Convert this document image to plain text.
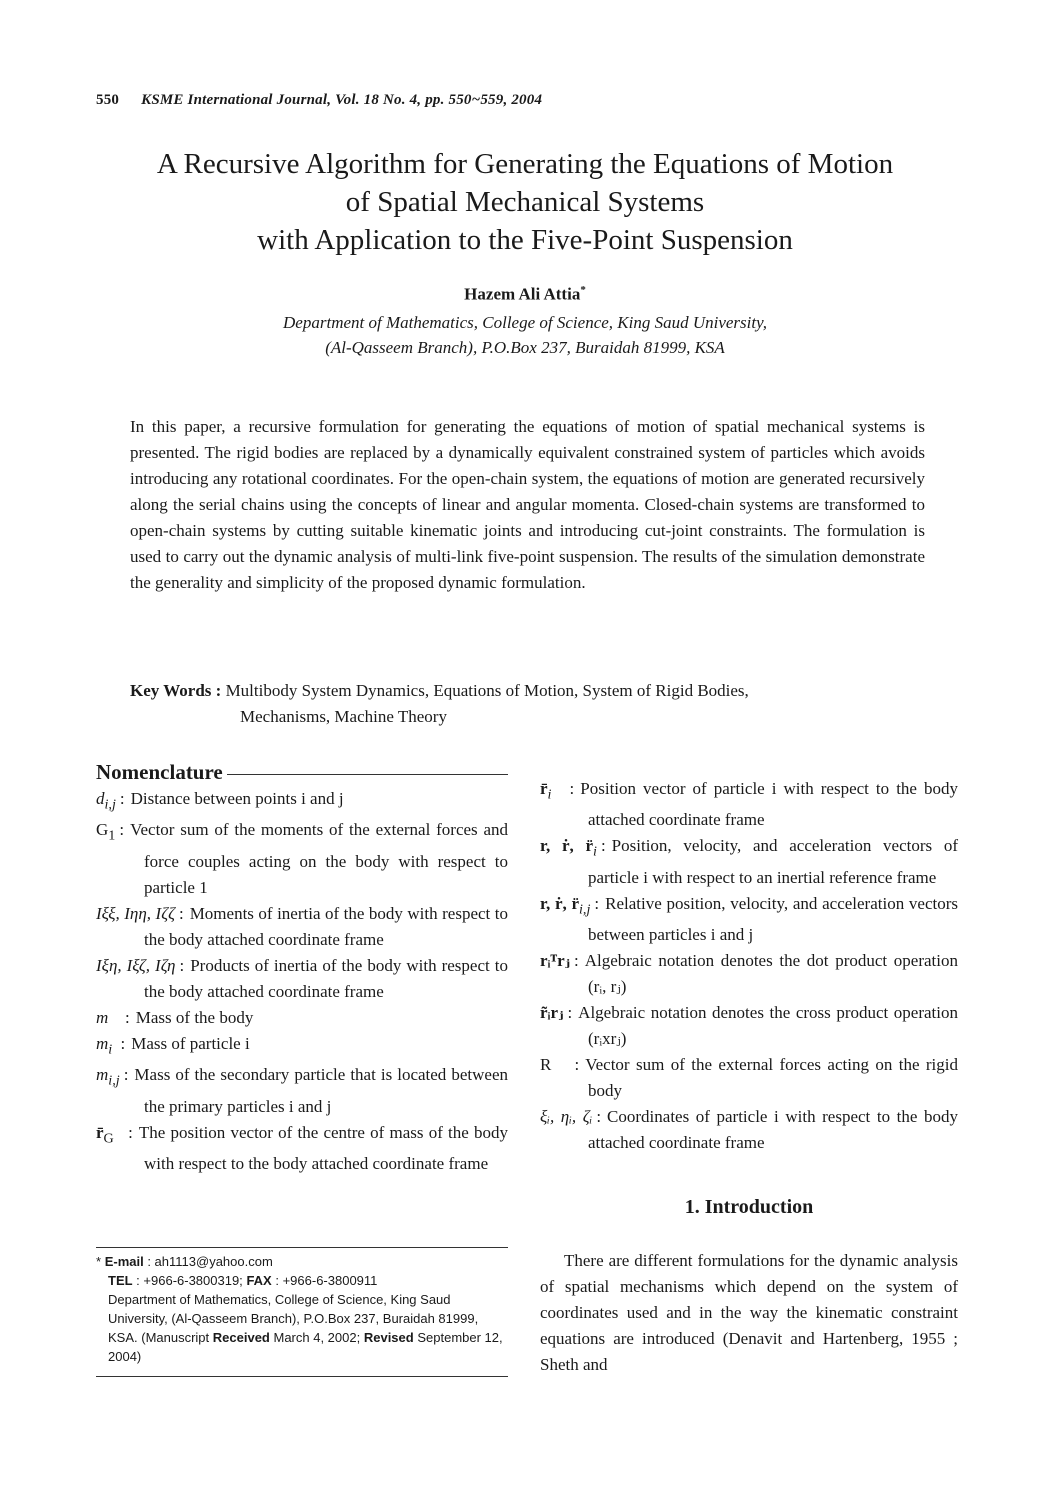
550 KSME International Journal, Vol. 18 No. 4, pp. 550~559, 2004
A Recursive Algorithm for Generating the Equations of Motion
of Spatial Mechanical Systems
with Application to the Five-Point Suspension
Hazem Ali Attia*
Department of Mathematics, College of Science, King Saud University,
(Al-Qasseem Branch), P.O.Box 237, Buraidah 81999, KSA

In this paper, a recursive formulation for generating the equations of motion of spatial mechanical systems is presented. The rigid bodies are replaced by a dynamically equivalent constrained system of particles which avoids introducing any rotational coordinates. For the open-chain system, the equations of motion are generated recursively along the serial chains using the concepts of linear and angular momenta. Closed-chain systems are transformed to open-chain systems by cutting suitable kinematic joints and introducing cut-joint constraints. The formulation is used to carry out the dynamic analysis of multi-link five-point suspension. The results of the simulation demonstrate the generality and simplicity of the proposed dynamic formulation.

Key Words : Multibody System Dynamics, Equations of Motion, System of Rigid Bodies,
Mechanisms, Machine Theory
Nomenclature
$d_{i,j}$ : Distance between points i and j
$G_1$ : Vector sum of the moments of the external forces and force couples acting on the body with respect to particle 1
Iξξ, Iηη, Iζζ : Moments of inertia of the body with respect to the body attached coordinate frame
Iξη, Iξζ, Iζη : Products of inertia of the body with respect to the body attached coordinate frame
m   : Mass of the body
$m_i$ : Mass of particle i
$m_{i,j}$ : Mass of the secondary particle that is located between the primary particles i and j
$r̄_G$  : The position vector of the centre of mass of the body with respect to the body attached coordinate frame
* E-mail : ah1113@yahoo.com
TEL : +966-6-3800319; FAX : +966-6-3800911
Department of Mathematics, College of Science, King Saud University, (Al-Qasseem Branch), P.O.Box 237, Buraidah 81999, KSA. (Manuscript Received March 4, 2002; Revised September 12, 2004)
$r̄_i$  : Position vector of particle i with respect to the body attached coordinate frame
r, ṙ, $r̈_i$ : Position, velocity, and acceleration vectors of particle i with respect to an inertial reference frame
r, ṙ, $r̈_{i,j}$ : Relative position, velocity, and acceleration vectors between particles i and j
rᵢᵀrⱼ : Algebraic notation denotes the dot product operation (rᵢ, rⱼ)
r̃ᵢrⱼ : Algebraic notation denotes the cross product operation (rᵢxrⱼ)
R   : Vector sum of the external forces acting on the rigid body
ξᵢ, ηᵢ, ζᵢ : Coordinates of particle i with respect to the body attached coordinate frame
1. Introduction

There are different formulations for the dynamic analysis of spatial mechanisms which depend on the system of coordinates used and in the way the kinematic constraint equations are introduced (Denavit and Hartenberg, 1955 ; Sheth and
